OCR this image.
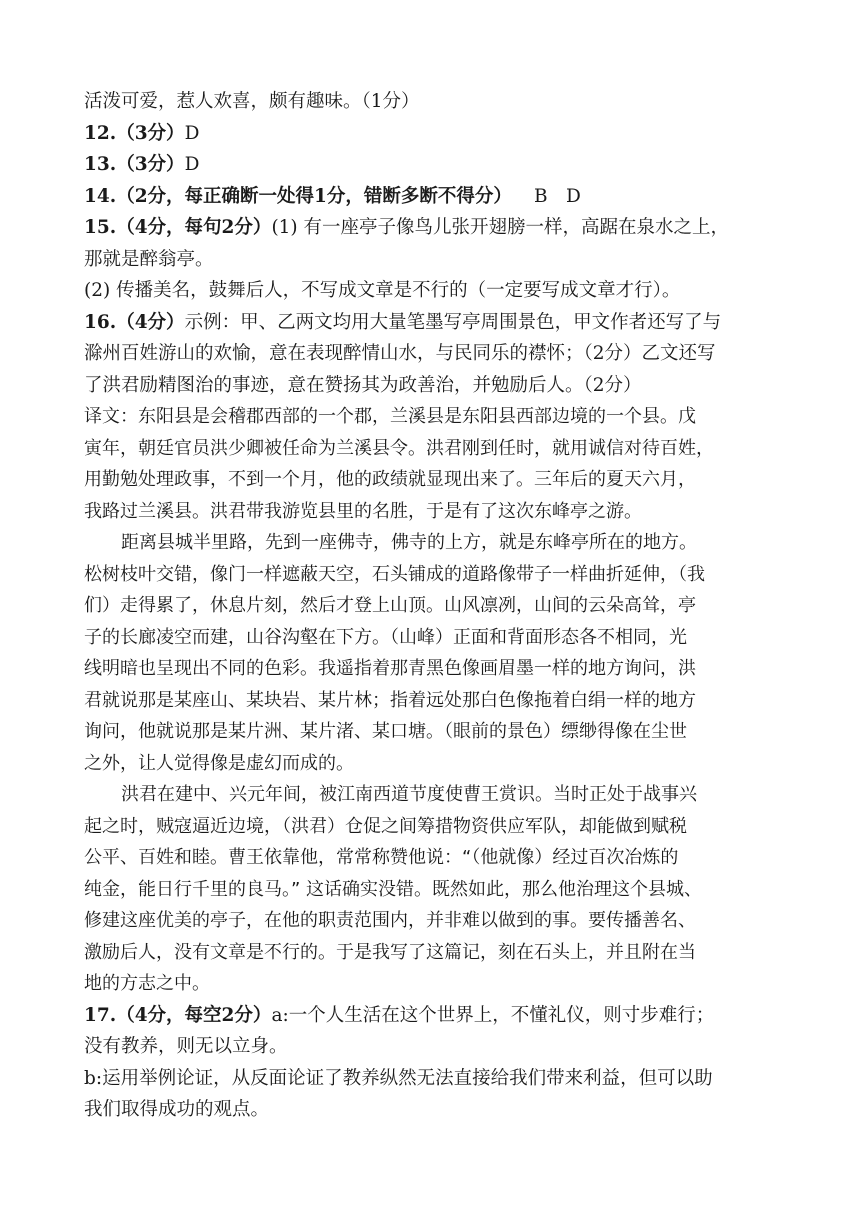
活泼可爱，惹人欢喜，颇有趣味。（1分）
12.（3分）D
13.（3分）D
14.（2分，每正确断一处得1分，错断多断不得分） B　D
15.（4分，每句2分）(1) 有一座亭子像鸟儿张开翅膀一样，高踞在泉水之上，
那就是醉翁亭。
(2) 传播美名，鼓舞后人，不写成文章是不行的（一定要写成文章才行）。
16.（4分）示例：甲、乙两文均用大量笔墨写亭周围景色，甲文作者还写了与
滁州百姓游山的欢愉，意在表现醉情山水，与民同乐的襟怀；（2分）乙文还写
了洪君励精图治的事迹，意在赞扬其为政善治，并勉励后人。（2分）
译文：东阳县是会稽郡西部的一个郡，兰溪县是东阳县西部边境的一个县。戊
寅年，朝廷官员洪少卿被任命为兰溪县令。洪君刚到任时，就用诚信对待百姓，
用勤勉处理政事，不到一个月，他的政绩就显现出来了。三年后的夏天六月，
我路过兰溪县。洪君带我游览县里的名胜，于是有了这次东峰亭之游。
距离县城半里路，先到一座佛寺，佛寺的上方，就是东峰亭所在的地方。
松树枝叶交错，像门一样遮蔽天空，石头铺成的道路像带子一样曲折延伸，（我
们）走得累了，休息片刻，然后才登上山顶。山风凛冽，山间的云朵高耸，亭
子的长廊凌空而建，山谷沟壑在下方。（山峰）正面和背面形态各不相同，光
线明暗也呈现出不同的色彩。我遥指着那青黑色像画眉墨一样的地方询问，洪
君就说那是某座山、某块岩、某片林；指着远处那白色像拖着白绢一样的地方
询问，他就说那是某片洲、某片渚、某口塘。（眼前的景色）缥缈得像在尘世
之外，让人觉得像是虚幻而成的。
洪君在建中、兴元年间，被江南西道节度使曹王赏识。当时正处于战事兴
起之时，贼寇逼近边境，（洪君）仓促之间筹措物资供应军队，却能做到赋税
公平、百姓和睦。曹王依靠他，常常称赞他说：“（他就像）经过百次冶炼的
纯金，能日行千里的良马。” 这话确实没错。既然如此，那么他治理这个县城、
修建这座优美的亭子，在他的职责范围内，并非难以做到的事。要传播善名、
激励后人，没有文章是不行的。于是我写了这篇记，刻在石头上，并且附在当
地的方志之中。
17.（4分，每空2分）a:一个人生活在这个世界上，不懂礼仪，则寸步难行；
没有教养，则无以立身。
b:运用举例论证，从反面论证了教养纵然无法直接给我们带来利益，但可以助
我们取得成功的观点。
